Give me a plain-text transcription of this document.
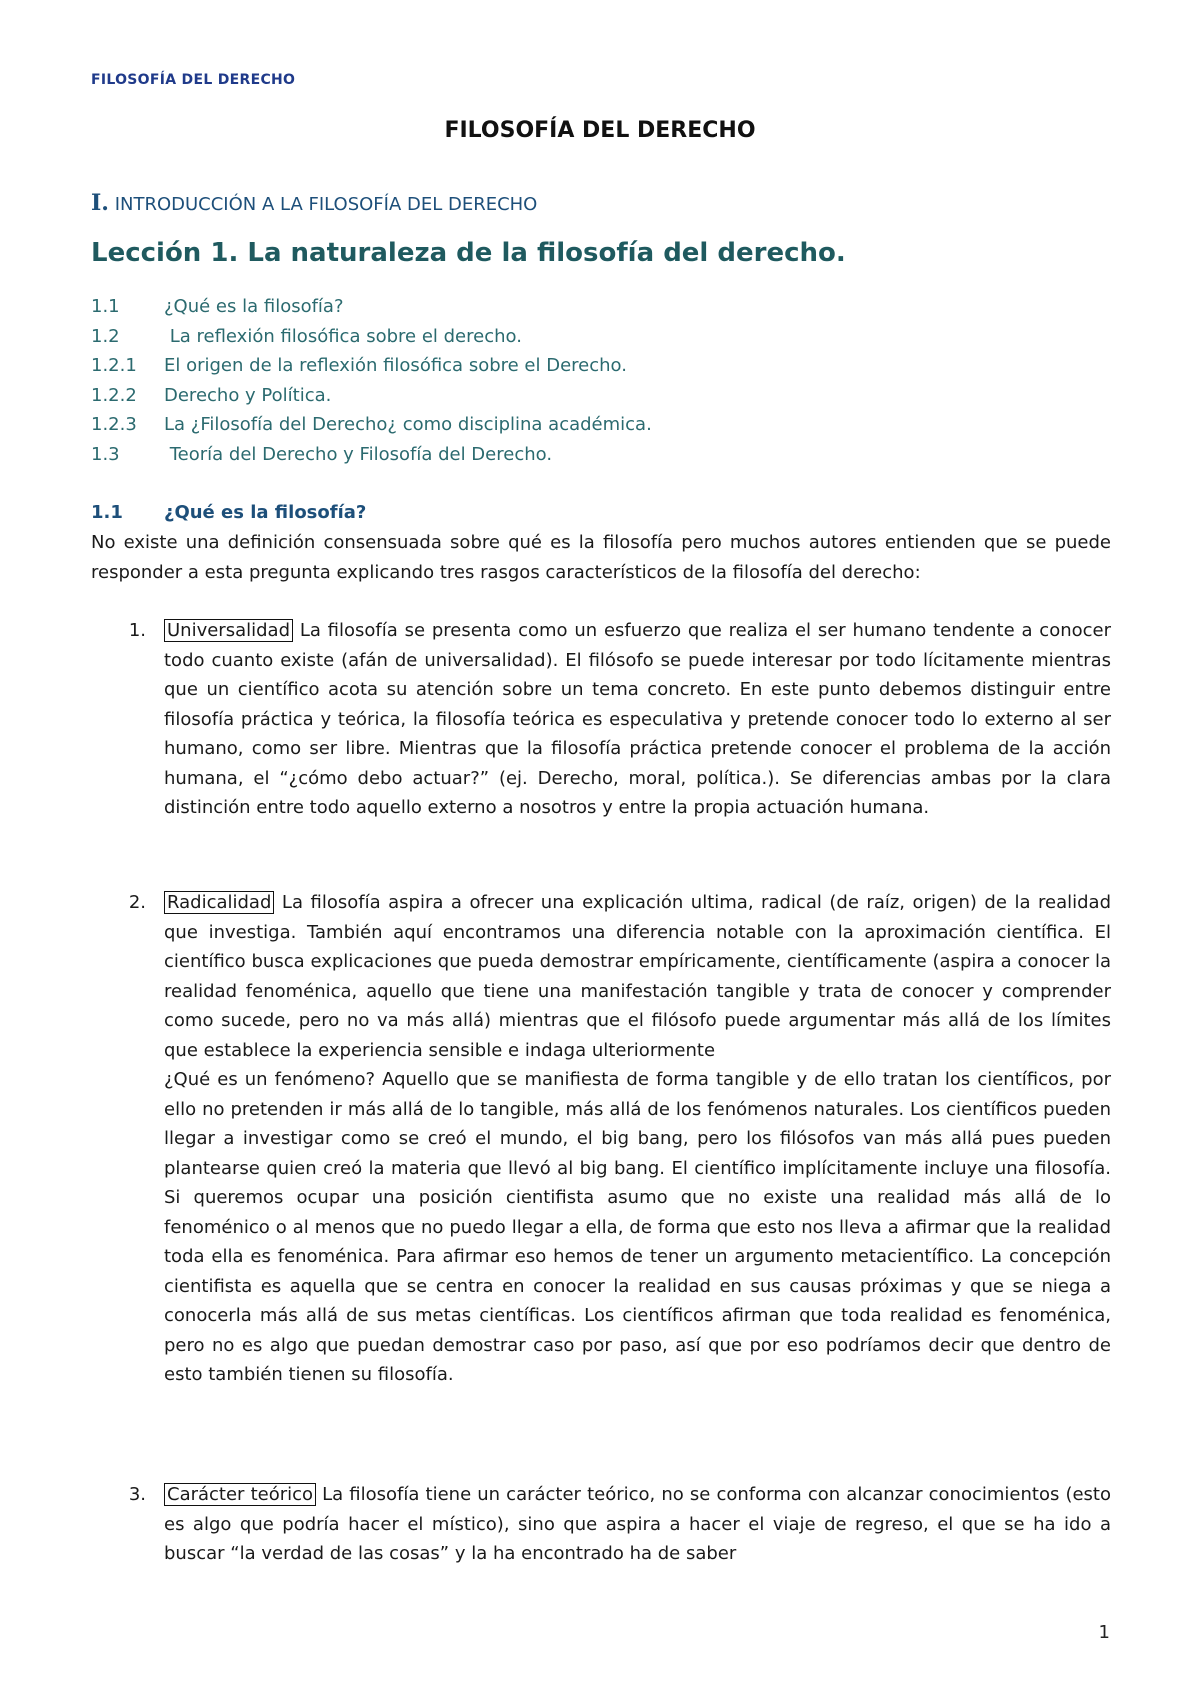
FILOSOFÍA DEL DERECHO
FILOSOFÍA DEL DERECHO
I. INTRODUCCIÓN A LA FILOSOFÍA DEL DERECHO
Lección 1. La naturaleza de la filosofía del derecho.
1.1	¿Qué es la filosofía?
1.2	La reflexión filosófica sobre el derecho.
1.2.1	El origen de la reflexión filosófica sobre el Derecho.
1.2.2	Derecho y Política.
1.2.3	La ¿Filosofía del Derecho¿ como disciplina académica.
1.3	Teoría del Derecho y Filosofía del Derecho.
1.1 ¿Qué es la filosofía?
No existe una definición consensuada sobre qué es la filosofía pero muchos autores entienden que se puede responder a esta pregunta explicando tres rasgos característicos de la filosofía del derecho:
1.	Universalidad La filosofía se presenta como un esfuerzo que realiza el ser humano tendente a conocer todo cuanto existe (afán de universalidad). El filósofo se puede interesar por todo lícitamente mientras que un científico acota su atención sobre un tema concreto. En este punto debemos distinguir entre filosofía práctica y teórica, la filosofía teórica es especulativa y pretende conocer todo lo externo al ser humano, como ser libre. Mientras que la filosofía práctica pretende conocer el problema de la acción humana, el “¿cómo debo actuar?” (ej. Derecho, moral, política.). Se diferencias ambas por la clara distinción entre todo aquello externo a nosotros y entre la propia actuación humana.
2.	Radicalidad La filosofía aspira a ofrecer una explicación ultima, radical (de raíz, origen) de la realidad que investiga. También aquí encontramos una diferencia notable con la aproximación científica. El científico busca explicaciones que pueda demostrar empíricamente, científicamente (aspira a conocer la realidad fenoménica, aquello que tiene una manifestación tangible y trata de conocer y comprender como sucede, pero no va más allá) mientras que el filósofo puede argumentar más allá de los límites que establece la experiencia sensible e indaga ulteriormente
¿Qué es un fenómeno? Aquello que se manifiesta de forma tangible y de ello tratan los científicos, por ello no pretenden ir más allá de lo tangible, más allá de los fenómenos naturales. Los científicos pueden llegar a investigar como se creó el mundo, el big bang, pero los filósofos van más allá pues pueden plantearse quien creó la materia que llevó al big bang. El científico implícitamente incluye una filosofía. Si queremos ocupar una posición cientifista asumo que no existe una realidad más allá de lo fenoménico o al menos que no puedo llegar a ella, de forma que esto nos lleva a afirmar que la realidad toda ella es fenoménica. Para afirmar eso hemos de tener un argumento metacientífico. La concepción cientifista es aquella que se centra en conocer la realidad en sus causas próximas y que se niega a conocerla más allá de sus metas científicas. Los científicos afirman que toda realidad es fenoménica, pero no es algo que puedan demostrar caso por paso, así que por eso podríamos decir que dentro de esto también tienen su filosofía.
3.	Carácter teórico La filosofía tiene un carácter teórico, no se conforma con alcanzar conocimientos (esto es algo que podría hacer el místico), sino que aspira a hacer el viaje de regreso, el que se ha ido a buscar “la verdad de las cosas” y la ha encontrado ha de saber
1
